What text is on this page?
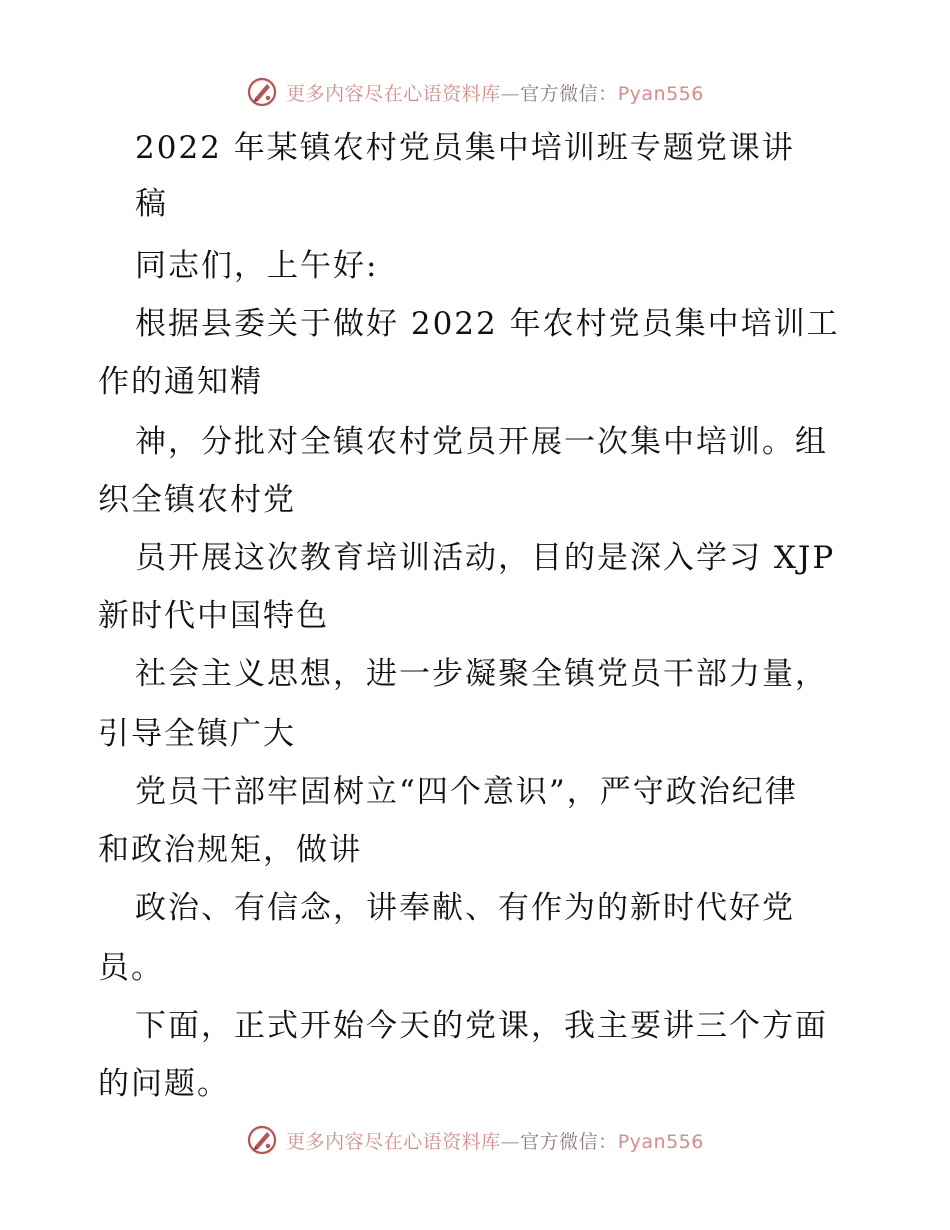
更多内容尽在心语资料库—官方微信：Pyan556
2022 年某镇农村党员集中培训班专题党课讲
稿
同志们，上午好:
根据县委关于做好 2022 年农村党员集中培训工
作的通知精
神，分批对全镇农村党员开展一次集中培训。组
织全镇农村党
员开展这次教育培训活动，目的是深入学习 XJP
新时代中国特色
社会主义思想，进一步凝聚全镇党员干部力量，
引导全镇广大
党员干部牢固树立“四个意识”，严守政治纪律
和政治规矩，做讲
政治、有信念，讲奉献、有作为的新时代好党
员。
下面，正式开始今天的党课，我主要讲三个方面
的问题。
更多内容尽在心语资料库—官方微信：Pyan556
